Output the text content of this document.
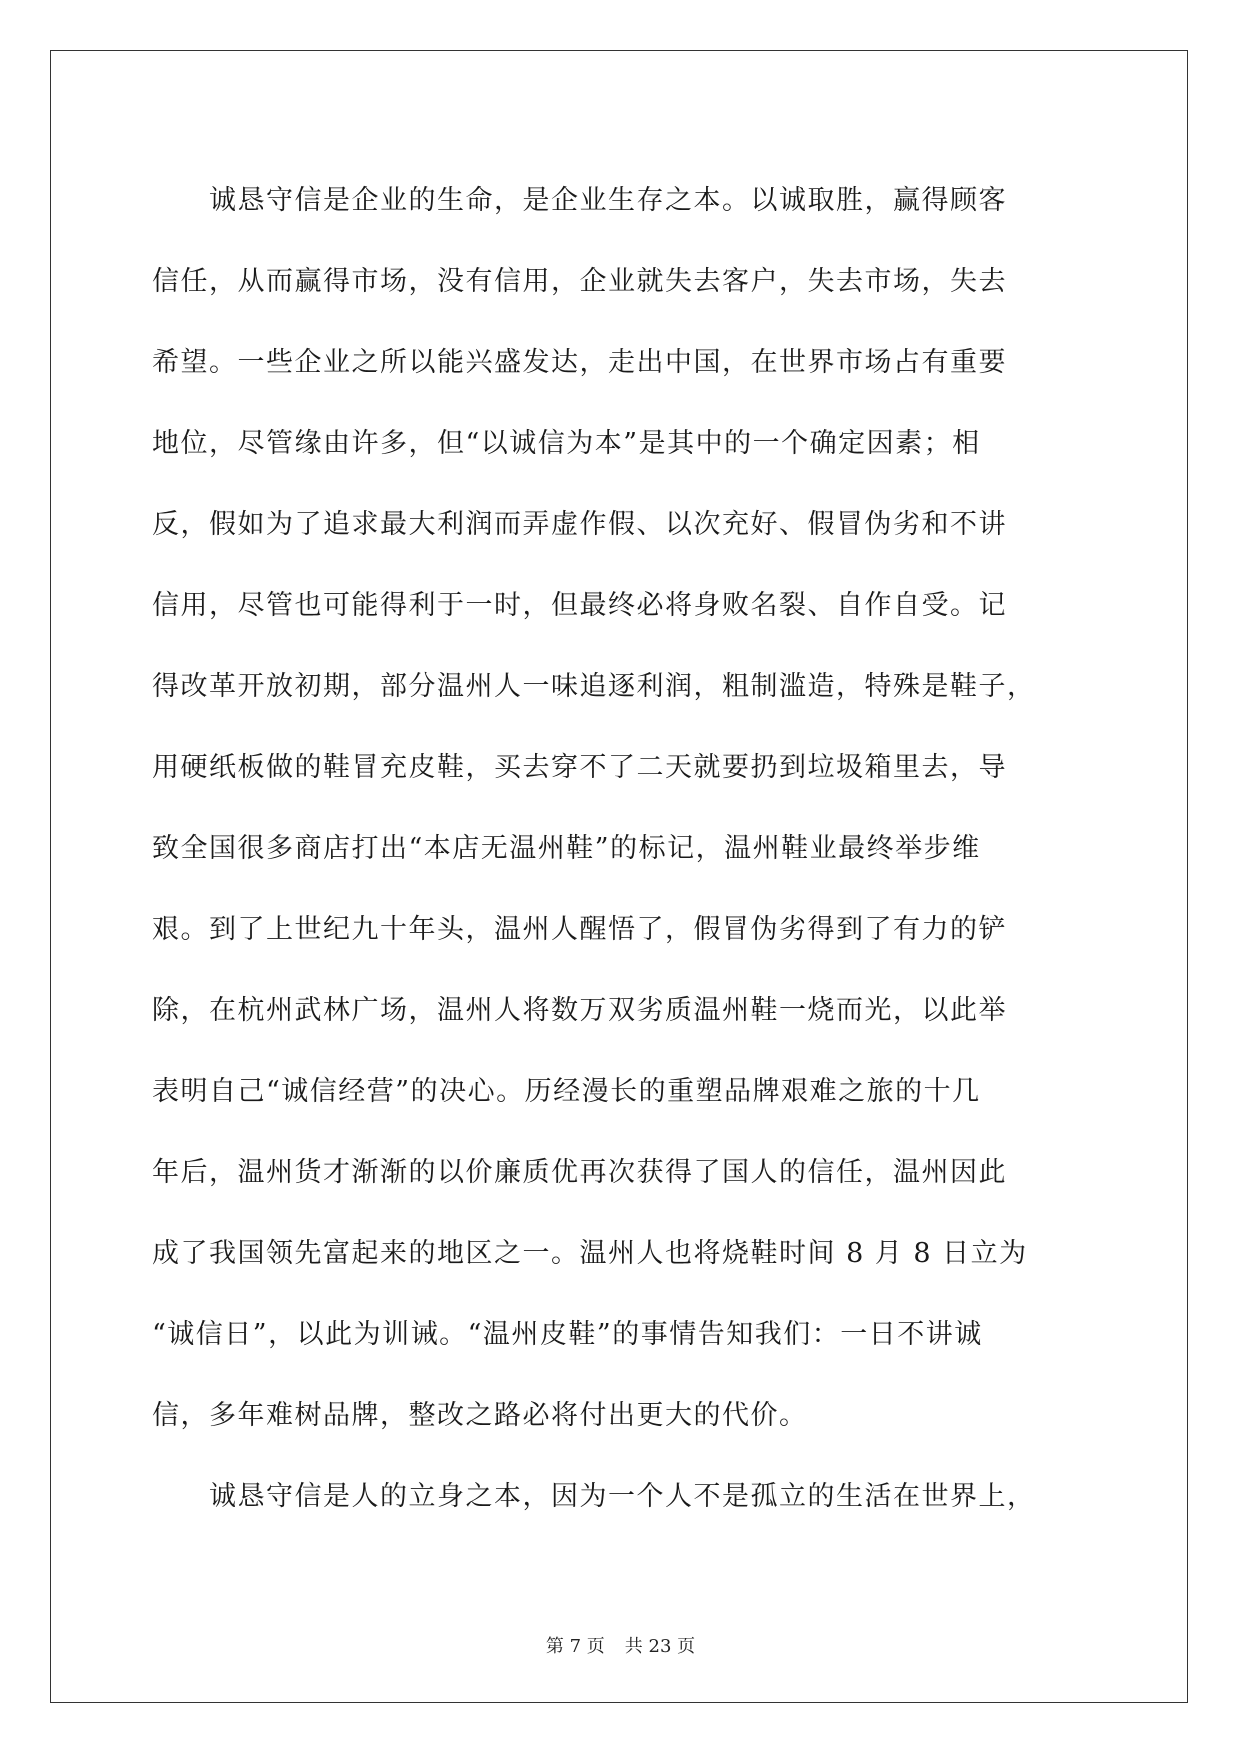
　　诚恳守信是企业的生命，是企业生存之本。以诚取胜，赢得顾客
信任，从而赢得市场，没有信用，企业就失去客户，失去市场，失去
希望。一些企业之所以能兴盛发达，走出中国，在世界市场占有重要
地位，尽管缘由许多，但“以诚信为本”是其中的一个确定因素；相
反，假如为了追求最大利润而弄虚作假、以次充好、假冒伪劣和不讲
信用，尽管也可能得利于一时，但最终必将身败名裂、自作自受。记
得改革开放初期，部分温州人一味追逐利润，粗制滥造，特殊是鞋子，
用硬纸板做的鞋冒充皮鞋，买去穿不了二天就要扔到垃圾箱里去，导
致全国很多商店打出“本店无温州鞋”的标记，温州鞋业最终举步维
艰。到了上世纪九十年头，温州人醒悟了，假冒伪劣得到了有力的铲
除，在杭州武林广场，温州人将数万双劣质温州鞋一烧而光，以此举
表明自己“诚信经营”的决心。历经漫长的重塑品牌艰难之旅的十几
年后，温州货才渐渐的以价廉质优再次获得了国人的信任，温州因此
成了我国领先富起来的地区之一。温州人也将烧鞋时间 8 月 8 日立为
“诚信日”，以此为训诫。“温州皮鞋”的事情告知我们：一日不讲诚
信，多年难树品牌，整改之路必将付出更大的代价。
　　诚恳守信是人的立身之本，因为一个人不是孤立的生活在世界上，
第 7 页 共 23 页
